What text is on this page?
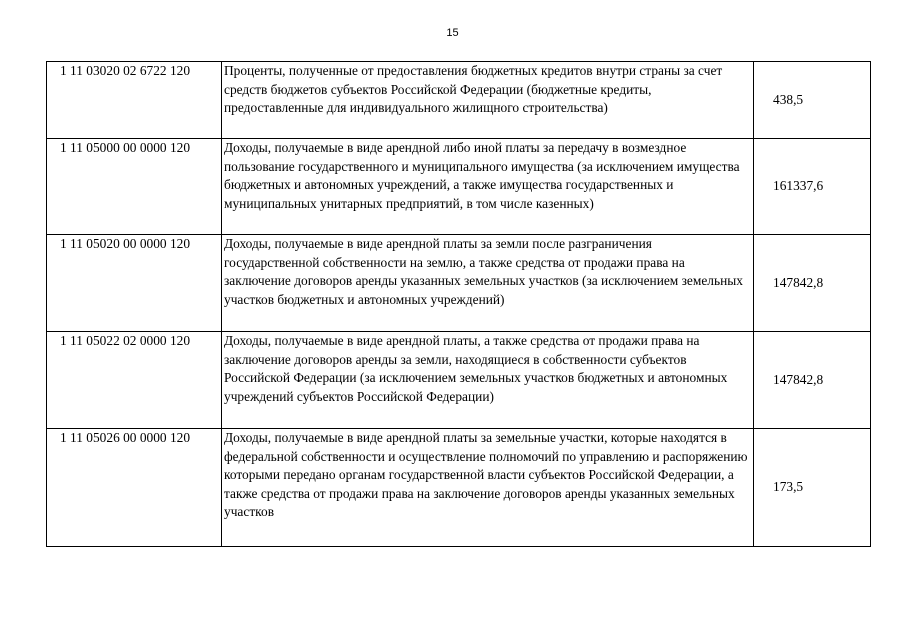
15
1 11 03020 02 6722 120	Проценты, полученные от предоставления бюджетных кредитов внутри страны за счет средств бюджетов субъектов Российской Федерации (бюджетные кредиты, предоставленные для индивидуального жилищного строительства)	438,5
1 11 05000 00 0000 120	Доходы, получаемые в виде арендной либо иной платы за передачу в возмездное пользование государственного и муниципального имущества (за исключением имущества бюджетных и автономных учреждений, а также имущества государственных и муниципальных унитарных предприятий, в том числе казенных)	161337,6
1 11 05020 00 0000 120	Доходы, получаемые в виде арендной платы за земли после разграничения государственной собственности на землю, а также средства от продажи права на заключение договоров аренды указанных земельных участков (за исключением земельных участков бюджетных и автономных учреждений)	147842,8
1 11 05022 02 0000 120	Доходы, получаемые в виде арендной платы, а также средства от продажи права на заключение договоров аренды за земли, находящиеся в собственности субъектов Российской Федерации (за исключением земельных участков бюджетных и автономных учреждений субъектов Российской Федерации)	147842,8
1 11 05026 00 0000 120	Доходы, получаемые в виде арендной платы за земельные участки, которые находятся в федеральной собственности и осуществление полномочий по управлению и распоряжению которыми передано органам государственной власти субъектов Российской Федерации, а также средства от продажи права на заключение договоров аренды указанных земельных участков	173,5
